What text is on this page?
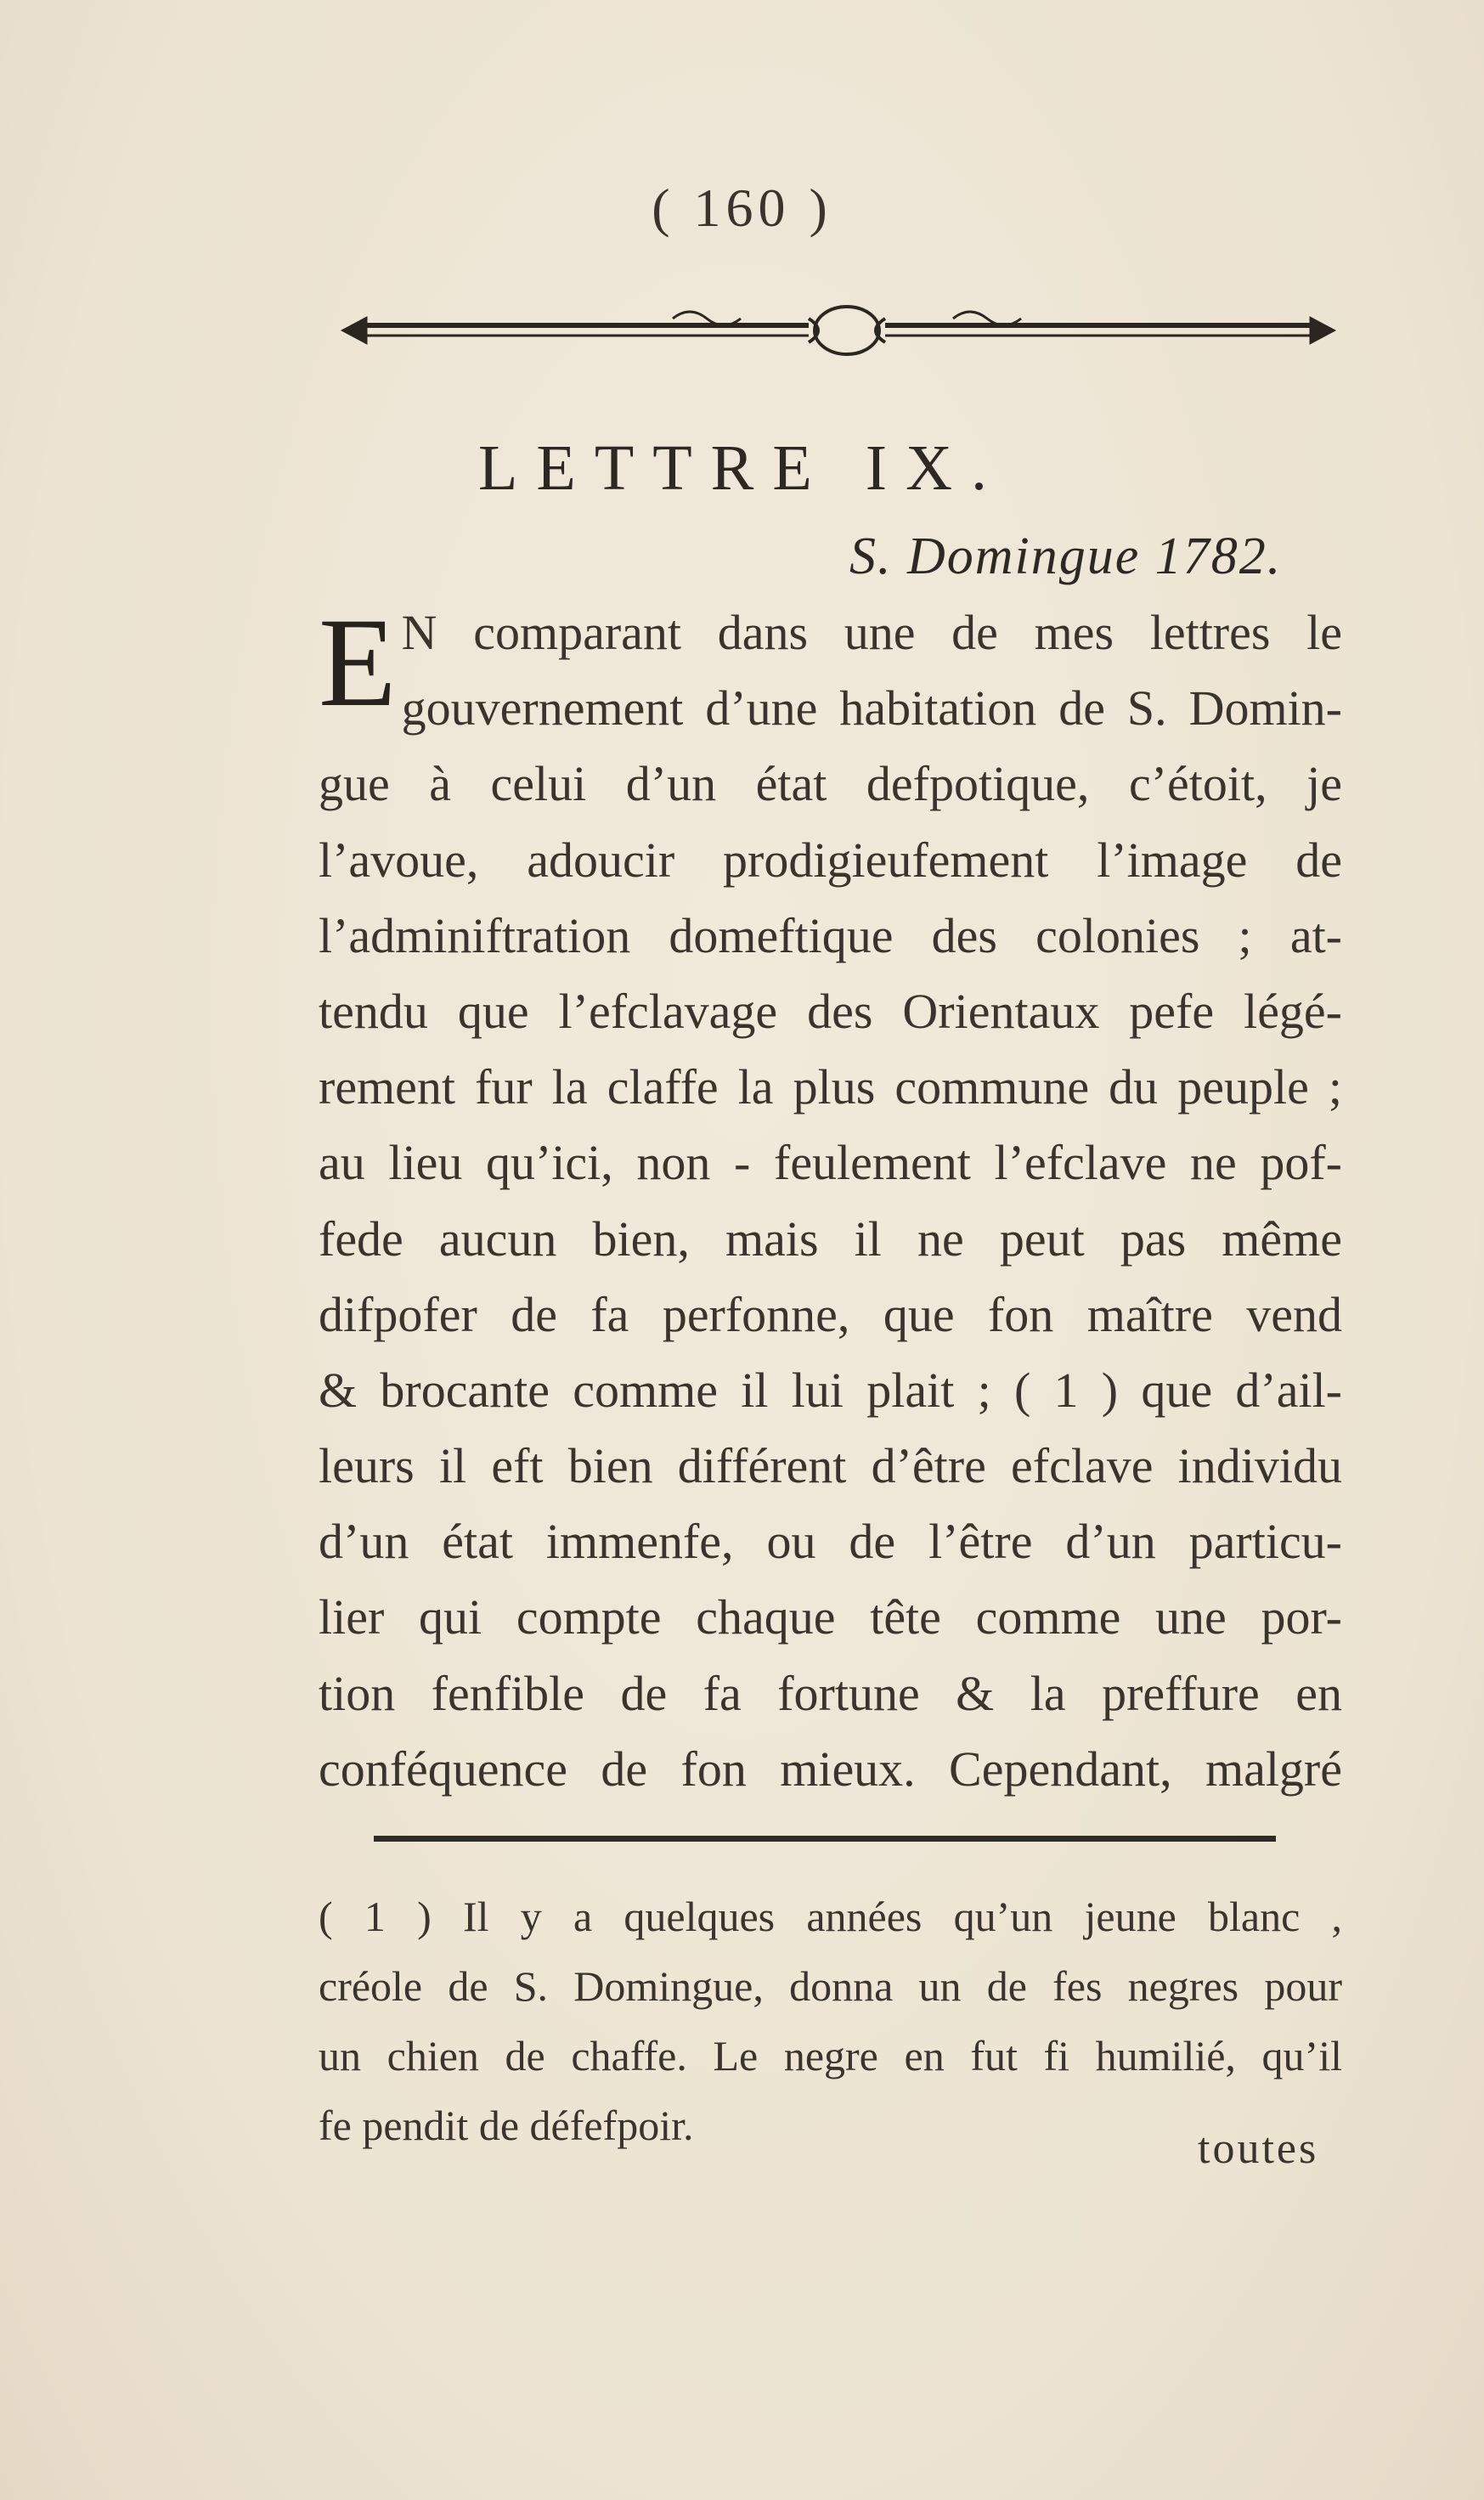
( 160 )
LETTRE IX.
S. Domingue 1782.
E N comparant dans une de mes lettres le
gouvernement d’une habitation de S. Domin-
gue à celui d’un état defpotique, c’étoit, je
l’avoue, adoucir prodigieufement l’image de
l’adminiftration domeftique des colonies ; at-
tendu que l’efclavage des Orientaux pefe légé-
rement fur la claffe la plus commune du peuple ;
au lieu qu’ici, non - feulement l’efclave ne pof-
fede aucun bien, mais il ne peut pas même
difpofer de fa perfonne, que fon maître vend
& brocante comme il lui plait ; ( 1 ) que d’ail-
leurs il eft bien différent d’être efclave individu
d’un état immenfe, ou de l’être d’un particu-
lier qui compte chaque tête comme une por-
tion fenfible de fa fortune & la preffure en
conféquence de fon mieux. Cependant, malgré
( 1 ) Il y a quelques années qu’un jeune blanc ,
créole de S. Domingue, donna un de fes negres pour
un chien de chaffe. Le negre en fut fi humilié, qu’il
fe pendit de défefpoir.	toutes
